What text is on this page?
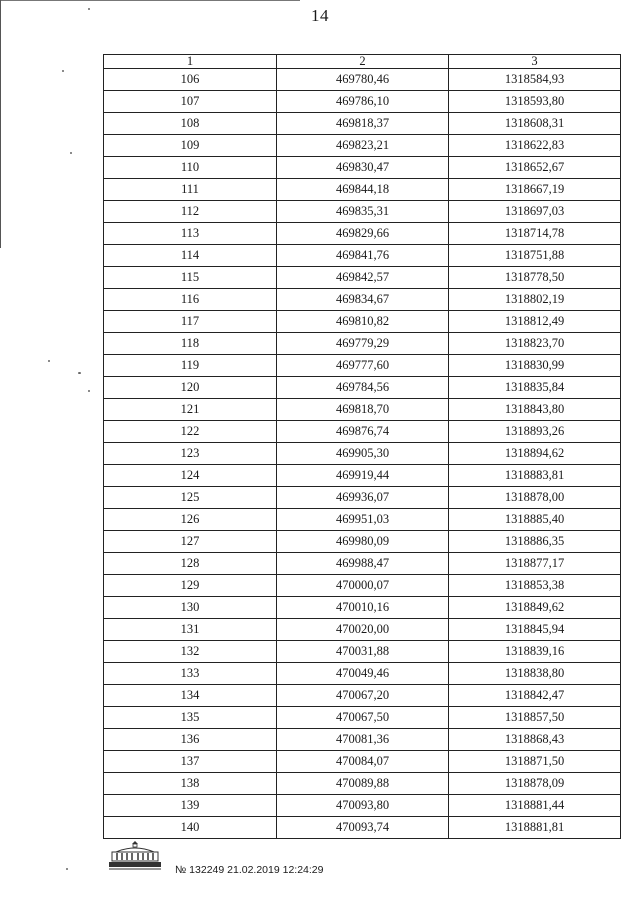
14
1	2	3
106	469780,46	1318584,93
107	469786,10	1318593,80
108	469818,37	1318608,31
109	469823,21	1318622,83
110	469830,47	1318652,67
111	469844,18	1318667,19
112	469835,31	1318697,03
113	469829,66	1318714,78
114	469841,76	1318751,88
115	469842,57	1318778,50
116	469834,67	1318802,19
117	469810,82	1318812,49
118	469779,29	1318823,70
119	469777,60	1318830,99
120	469784,56	1318835,84
121	469818,70	1318843,80
122	469876,74	1318893,26
123	469905,30	1318894,62
124	469919,44	1318883,81
125	469936,07	1318878,00
126	469951,03	1318885,40
127	469980,09	1318886,35
128	469988,47	1318877,17
129	470000,07	1318853,38
130	470010,16	1318849,62
131	470020,00	1318845,94
132	470031,88	1318839,16
133	470049,46	1318838,80
134	470067,20	1318842,47
135	470067,50	1318857,50
136	470081,36	1318868,43
137	470084,07	1318871,50
138	470089,88	1318878,09
139	470093,80	1318881,44
140	470093,74	1318881,81
№ 132249 21.02.2019 12:24:29
